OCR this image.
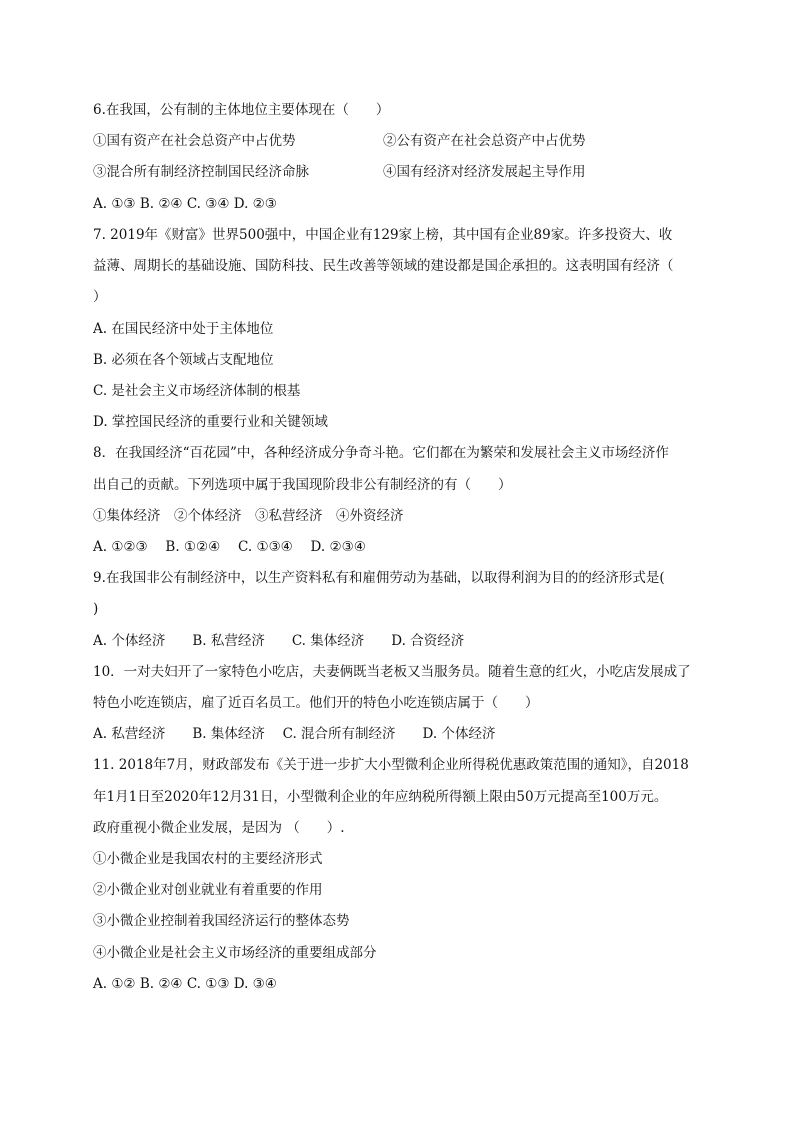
6.在我国，公有制的主体地位主要体现在（　　）
①国有资产在社会总资产中占优势	②公有资产在社会总资产中占优势
③混合所有制经济控制国民经济命脉	④国有经济对经济发展起主导作用
A. ①③ B. ②④ C. ③④ D. ②③
7. 2019年《财富》世界500强中，中国企业有129家上榜，其中国有企业89家。许多投资大、收
益薄、周期长的基础设施、国防科技、民生改善等领域的建设都是国企承担的。这表明国有经济（
）
A. 在国民经济中处于主体地位
B. 必须在各个领域占支配地位
C. 是社会主义市场经济体制的根基
D. 掌控国民经济的重要行业和关键领域
8．在我国经济“百花园”中，各种经济成分争奇斗艳。它们都在为繁荣和发展社会主义市场经济作
出自己的贡献。下列选项中属于我国现阶段非公有制经济的有（　　）
①集体经济　②个体经济　③私营经济　④外资经济
A. ①②③　 B. ①②④　 C. ①③④　 D. ②③④
9.在我国非公有制经济中，以生产资料私有和雇佣劳动为基础，以取得利润为目的的经济形式是(
)
A. 个体经济　　B. 私营经济　　C. 集体经济　　D. 合资经济
10．一对夫妇开了一家特色小吃店，夫妻俩既当老板又当服务员。随着生意的红火，小吃店发展成了
特色小吃连锁店，雇了近百名员工。他们开的特色小吃连锁店属于（　　）
A. 私营经济　　B. 集体经济　 C. 混合所有制经济　　D. 个体经济
11. 2018年7月，财政部发布《关于进一步扩大小型微利企业所得税优惠政策范围的通知》，自2018
年1月1日至2020年12月31日，小型微利企业的年应纳税所得额上限由50万元提高至100万元。
政府重视小微企业发展，是因为 （　　）.
①小微企业是我国农村的主要经济形式
②小微企业对创业就业有着重要的作用
③小微企业控制着我国经济运行的整体态势
④小微企业是社会主义市场经济的重要组成部分
A. ①② B. ②④ C. ①③ D. ③④
